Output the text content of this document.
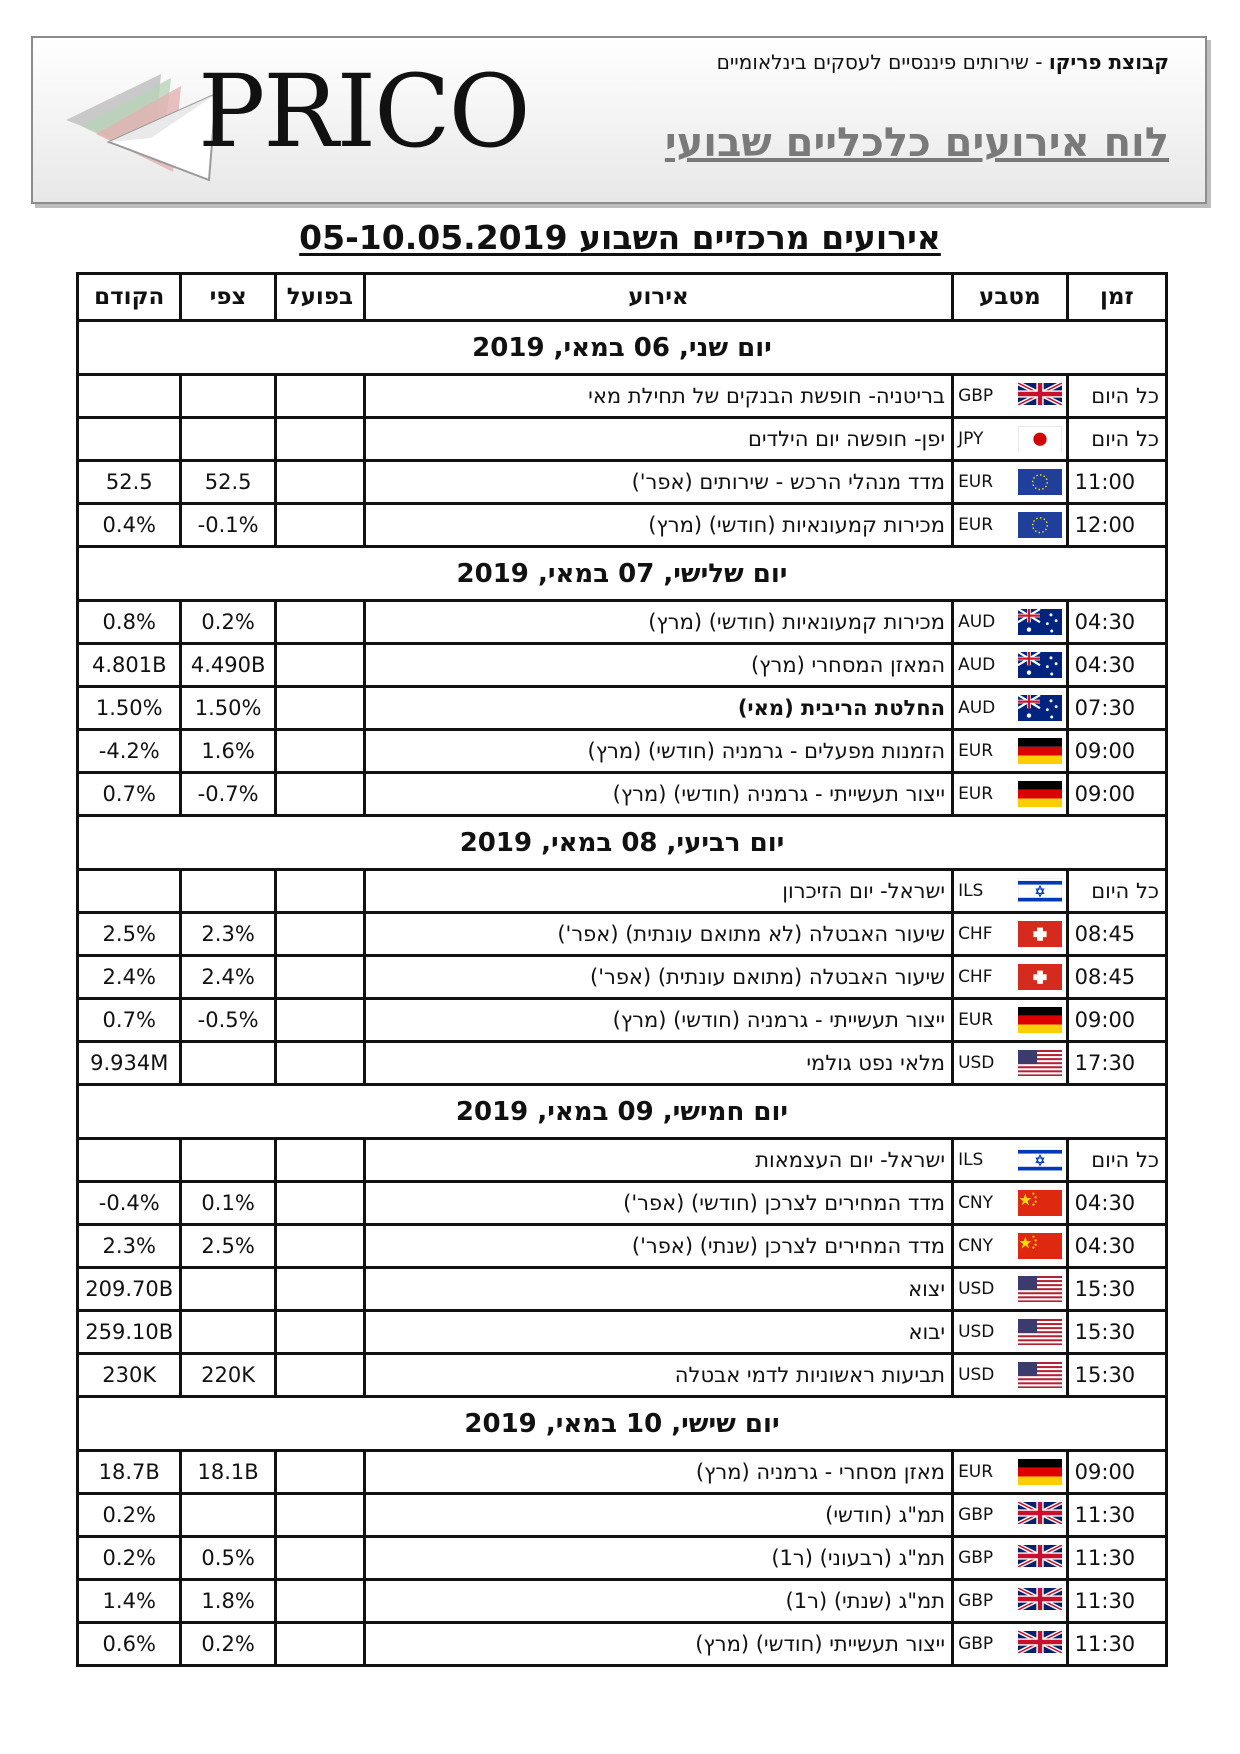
PRICO	קבוצת פריקו - שירותים פיננסיים לעסקים בינלאומיים
לוח אירועים כלכליים שבועי
אירועים מרכזיים השבוע 05-10.05.2019
זמן	מטבע	אירוע	בפועל	צפי	הקודם
יום שני, 06 במאי, 2019					
כל היום	GBP	בריטניה- חופשת הבנקים של תחילת מאי			
כל היום	JPY	יפן- חופשה יום הילדים			
11:00	EUR	מדד מנהלי הרכש - שירותים (אפר')		52.5	52.5
12:00	EUR	מכירות קמעונאיות (חודשי) (מרץ)		-0.1%	0.4%
יום שלישי, 07 במאי, 2019					
04:30	AUD	מכירות קמעונאיות (חודשי) (מרץ)		0.2%	0.8%
04:30	AUD	המאזן המסחרי (מרץ)		4.490B	4.801B
07:30	AUD	החלטת הריבית (מאי)		1.50%	1.50%
09:00	EUR	הזמנות מפעלים - גרמניה (חודשי) (מרץ)		1.6%	-4.2%
09:00	EUR	ייצור תעשייתי - גרמניה (חודשי) (מרץ)		-0.7%	0.7%
יום רביעי, 08 במאי, 2019					
כל היום	ILS	ישראל- יום הזיכרון			
08:45	CHF	שיעור האבטלה (לא מתואם עונתית) (אפר')		2.3%	2.5%
08:45	CHF	שיעור האבטלה (מתואם עונתית) (אפר')		2.4%	2.4%
09:00	EUR	ייצור תעשייתי - גרמניה (חודשי) (מרץ)		-0.5%	0.7%
17:30	USD	מלאי נפט גולמי			9.934M
יום חמישי, 09 במאי, 2019					
כל היום	ILS	ישראל- יום העצמאות			
04:30	CNY	מדד המחירים לצרכן (חודשי) (אפר')		0.1%	-0.4%
04:30	CNY	מדד המחירים לצרכן (שנתי) (אפר')		2.5%	2.3%
15:30	USD	יצוא			209.70B
15:30	USD	יבוא			259.10B
15:30	USD	תביעות ראשוניות לדמי אבטלה		220K	230K
יום שישי, 10 במאי, 2019					
09:00	EUR	מאזן מסחרי - גרמניה (מרץ)		18.1B	18.7B
11:30	GBP	תמ"ג (חודשי)			0.2%
11:30	GBP	תמ"ג (רבעוני) (ר1)		0.5%	0.2%
11:30	GBP	תמ"ג (שנתי) (ר1)		1.8%	1.4%
11:30	GBP	ייצור תעשייתי (חודשי) (מרץ)		0.2%	0.6%
